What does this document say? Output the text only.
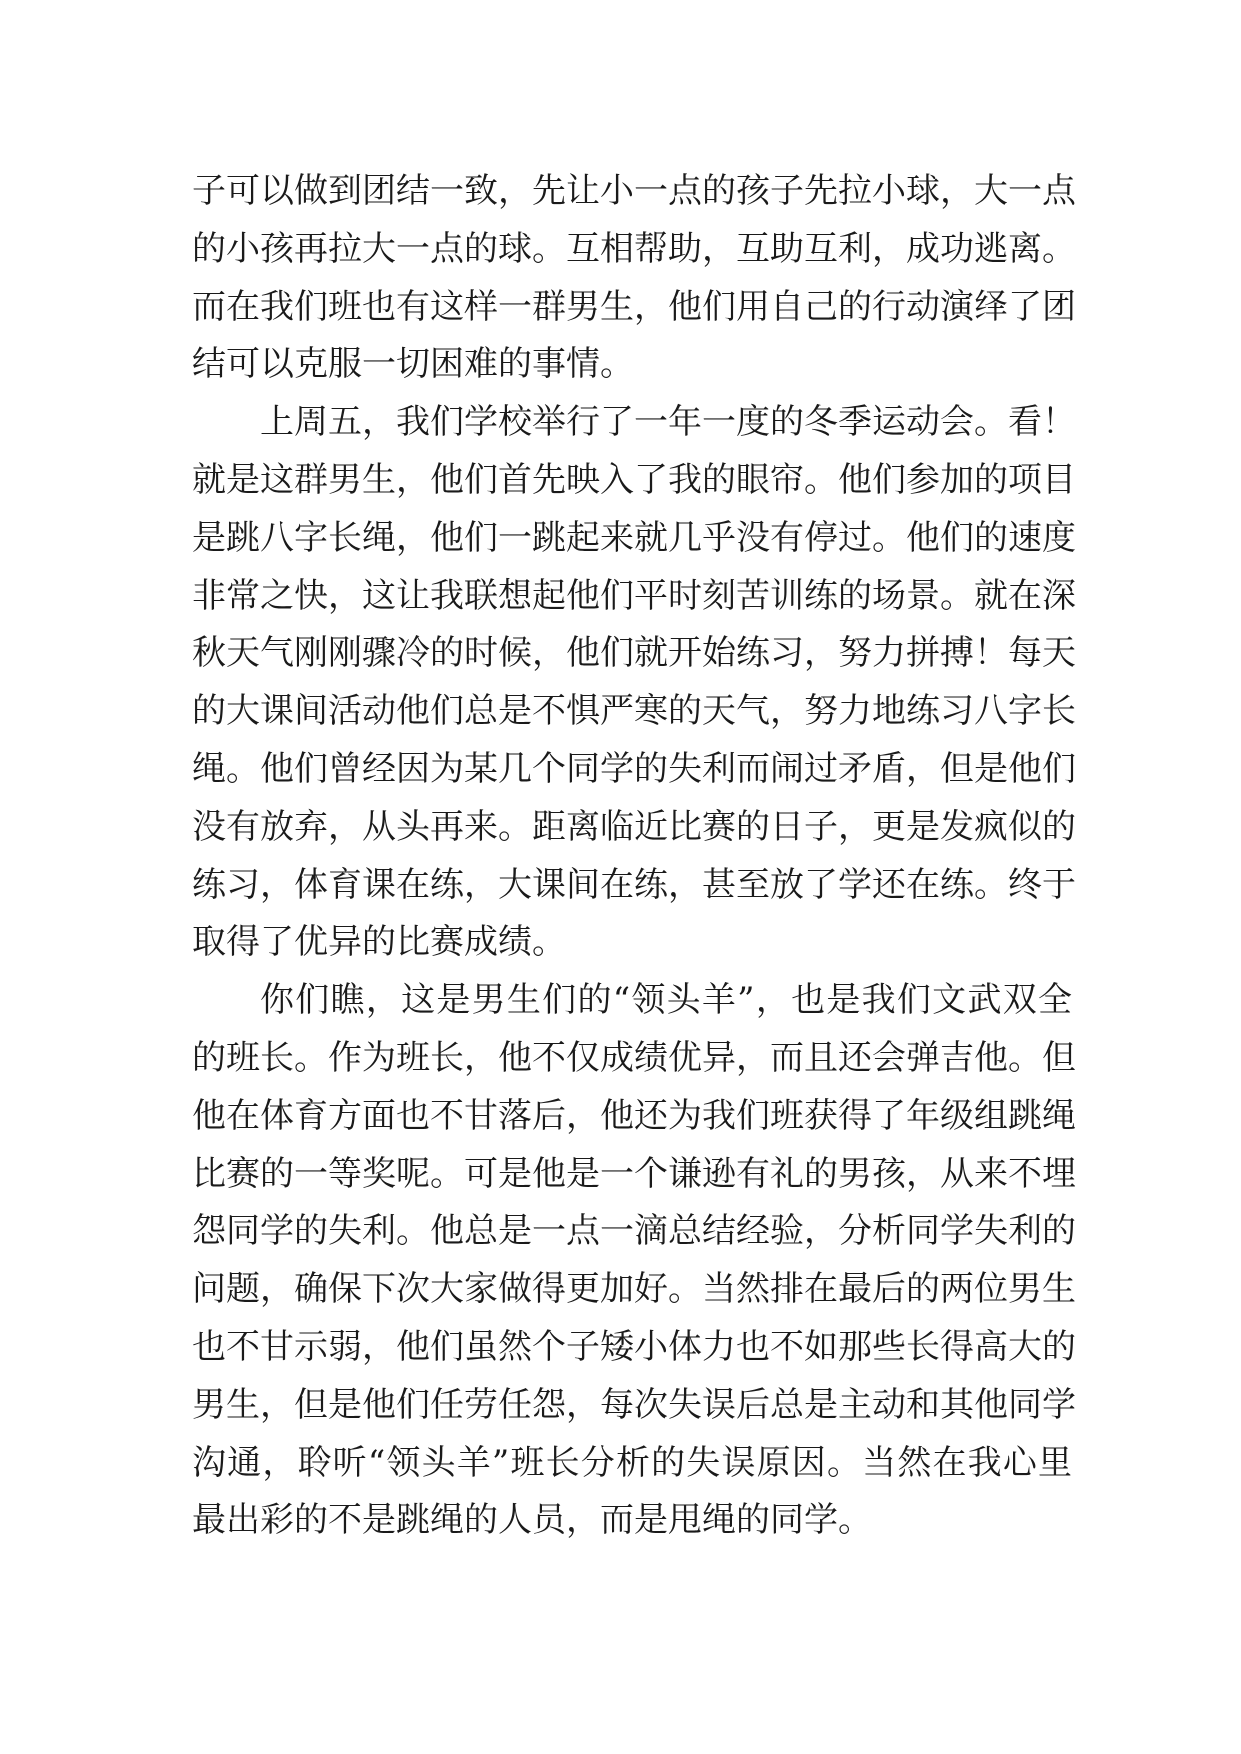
子可以做到团结一致，先让小一点的孩子先拉小球，大一点
的小孩再拉大一点的球。互相帮助，互助互利，成功逃离。
而在我们班也有这样一群男生，他们用自己的行动演绎了团
结可以克服一切困难的事情。
上周五，我们学校举行了一年一度的冬季运动会。看！
就是这群男生，他们首先映入了我的眼帘。他们参加的项目
是跳八字长绳，他们一跳起来就几乎没有停过。他们的速度
非常之快，这让我联想起他们平时刻苦训练的场景。就在深
秋天气刚刚骤冷的时候，他们就开始练习，努力拼搏！每天
的大课间活动他们总是不惧严寒的天气，努力地练习八字长
绳。他们曾经因为某几个同学的失利而闹过矛盾，但是他们
没有放弃，从头再来。距离临近比赛的日子，更是发疯似的
练习，体育课在练，大课间在练，甚至放了学还在练。终于
取得了优异的比赛成绩。
你们瞧，这是男生们的“领头羊”，也是我们文武双全
的班长。作为班长，他不仅成绩优异，而且还会弹吉他。但
他在体育方面也不甘落后，他还为我们班获得了年级组跳绳
比赛的一等奖呢。可是他是一个谦逊有礼的男孩，从来不埋
怨同学的失利。他总是一点一滴总结经验，分析同学失利的
问题，确保下次大家做得更加好。当然排在最后的两位男生
也不甘示弱，他们虽然个子矮小体力也不如那些长得高大的
男生，但是他们任劳任怨，每次失误后总是主动和其他同学
沟通，聆听“领头羊”班长分析的失误原因。当然在我心里
最出彩的不是跳绳的人员，而是甩绳的同学。
